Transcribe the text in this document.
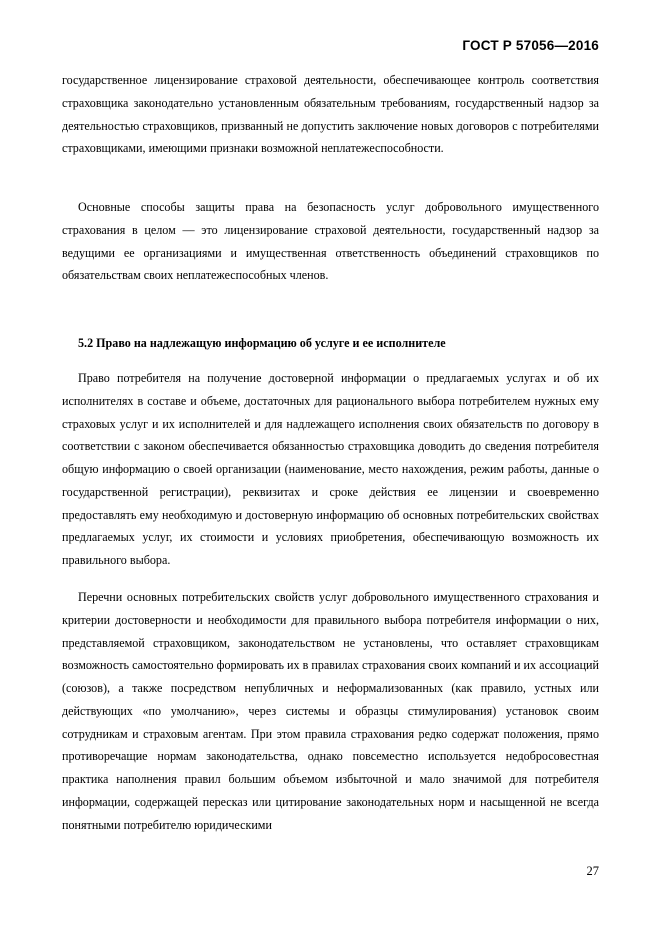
ГОСТ Р 57056—2016

государственное лицензирование страховой деятельности, обеспечивающее контроль соответствия страховщика законодательно установленным обязательным требованиям, государственный надзор за деятельностью страховщиков, призванный не допустить заключение новых договоров с потребителями страховщиками, имеющими признаки возможной неплатежеспособности.

Основные способы защиты права на безопасность услуг добровольного имущественного страхования в целом — это лицензирование страховой деятельности, государственный надзор за ведущими ее организациями и имущественная ответственность объединений страховщиков по обязательствам своих неплатежеспособных членов.

5.2 Право на надлежащую информацию об услуге и ее исполнителе

Право потребителя на получение достоверной информации о предлагаемых услугах и об их исполнителях в составе и объеме, достаточных для рационального выбора потребителем нужных ему страховых услуг и их исполнителей и для надлежащего исполнения своих обязательств по договору в соответствии с законом обеспечивается обязанностью страховщика доводить до сведения потребителя общую информацию о своей организации (наименование, место нахождения, режим работы, данные о государственной регистрации), реквизитах и сроке действия ее лицензии и своевременно предоставлять ему необходимую и достоверную информацию об основных потребительских свойствах предлагаемых услуг, их стоимости и условиях приобретения, обеспечивающую возможность их правильного выбора.

Перечни основных потребительских свойств услуг добровольного имущественного страхования и критерии достоверности и необходимости для правильного выбора потребителя информации о них, представляемой страховщиком, законодательством не установлены, что оставляет страховщикам возможность самостоятельно формировать их в правилах страхования своих компаний и их ассоциаций (союзов), а также посредством непубличных и неформализованных (как правило, устных или действующих «по умолчанию», через системы и образцы стимулирования) установок своим сотрудникам и страховым агентам. При этом правила страхования редко содержат положения, прямо противоречащие нормам законодательства, однако повсеместно используется недобросовестная практика наполнения правил большим объемом избыточной и мало значимой для потребителя информации, содержащей пересказ или цитирование законодательных норм и насыщенной не всегда понятными потребителю юридическими

27
